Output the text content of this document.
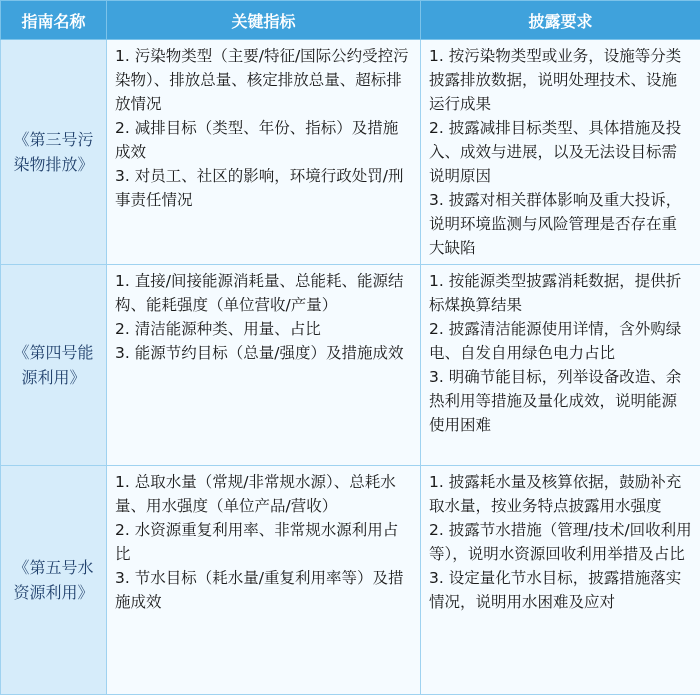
指南名称	关键指标	披露要求
《第三号污染物排放》	1. 污染物类型（主要/特征/国际公约受控污染物）、排放总量、核定排放总量、超标排放情况
2. 减排目标（类型、年份、指标）及措施成效
3. 对员工、社区的影响，环境行政处罚/刑事责任情况	1. 按污染物类型或业务，设施等分类披露排放数据，说明处理技术、设施运行成果
2. 披露减排目标类型、具体措施及投入、成效与进展，以及无法设目标需说明原因
3. 披露对相关群体影响及重大投诉，说明环境监测与风险管理是否存在重大缺陷

《第四号能源利用》	1. 直接/间接能源消耗量、总能耗、能源结构、能耗强度（单位营收/产量）
2. 清洁能源种类、用量、占比
3. 能源节约目标（总量/强度）及措施成效	1. 按能源类型披露消耗数据，提供折标煤换算结果
2. 披露清洁能源使用详情，含外购绿电、自发自用绿色电力占比
3. 明确节能目标，列举设备改造、余热利用等措施及量化成效，说明能源使用困难

《第五号水资源利用》	1. 总取水量（常规/非常规水源）、总耗水量、用水强度（单位产品/营收）
2. 水资源重复利用率、非常规水源利用占比
3. 节水目标（耗水量/重复利用率等）及措施成效	1. 披露耗水量及核算依据，鼓励补充取水量，按业务特点披露用水强度
2. 披露节水措施（管理/技术/回收利用等），说明水资源回收利用举措及占比
3. 设定量化节水目标，披露措施落实情况，说明用水困难及应对
